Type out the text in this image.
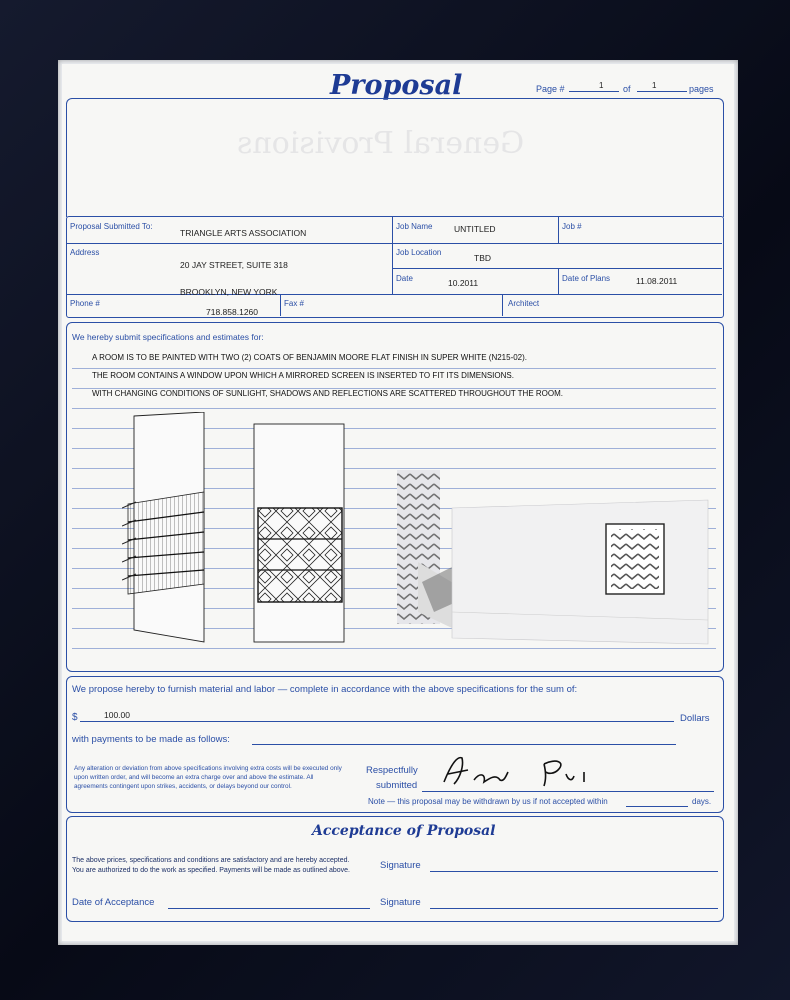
General Provisions
Proposal	Page #	1 of	1	pages
Proposal Submitted To:
TRIANGLE ARTS ASSOCIATION
Job Name	UNTITLED	Job #
Address
20 JAY STREET, SUITE 318
BROOKLYN, NEW YORK
Job Location
TBD
Date	10.2011	Date of Plans	11.08.2011
Phone #
718.858.1260
Fax #	Architect
We hereby submit specifications and estimates for:
A ROOM IS TO BE PAINTED WITH TWO (2) COATS OF BENJAMIN MOORE FLAT FINISH IN SUPER WHITE (N215-02).
THE ROOM CONTAINS A WINDOW UPON WHICH A MIRRORED SCREEN IS INSERTED TO FIT ITS DIMENSIONS.
WITH CHANGING CONDITIONS OF SUNLIGHT, SHADOWS AND REFLECTIONS ARE SCATTERED THROUGHOUT THE ROOM.
We propose hereby to furnish material and labor — complete in accordance with the above specifications for the sum of:
$	100.00	Dollars
with payments to be made as follows:
Any alteration or deviation from above specifications involving extra costs will be executed only upon written order, and will become an extra charge over and above the estimate. All agreements contingent upon strikes, accidents, or delays beyond our control.
Respectfully
submitted
Note — this proposal may be withdrawn by us if not accepted within	days.
Acceptance of Proposal
The above prices, specifications and conditions are satisfactory and are hereby accepted. You are authorized to do the work as specified. Payments will be made as outlined above.	Signature
Date of Acceptance	Signature
